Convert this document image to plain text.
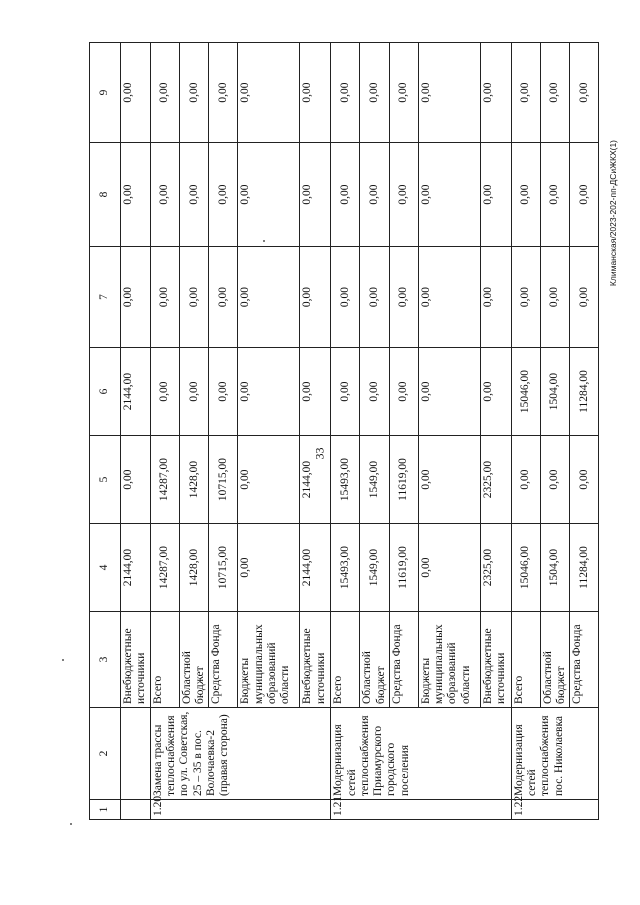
33
Климанская/2023-202-пп-ДСиЖКХ(1)
1	2	3	4	5	6	7	8	9
		Внебюджетные источники	2144,00	0,00	2144,00	0,00	0,00	0,00
1.20	Замена трассы теплоснабжения по ул. Советская, 25 – 35 в пос. Волочаевка-2 (правая сторона)	Всего	14287,00	14287,00	0,00	0,00	0,00	0,00
		Областной бюджет	1428,00	1428,00	0,00	0,00	0,00	0,00
		Средства Фонда	10715,00	10715,00	0,00	0,00	0,00	0,00
		Бюджеты муниципальных образований области	0,00	0,00	0,00	0,00	0,00	0,00
		Внебюджетные источники	2144,00	2144,00	0,00	0,00	0,00	0,00
1.21	Модернизация сетей теплоснабжения Приамурского городского поселения	Всего	15493,00	15493,00	0,00	0,00	0,00	0,00
		Областной бюджет	1549,00	1549,00	0,00	0,00	0,00	0,00
		Средства Фонда	11619,00	11619,00	0,00	0,00	0,00	0,00
		Бюджеты муниципальных образований области	0,00	0,00	0,00	0,00	0,00	0,00
		Внебюджетные источники	2325,00	2325,00	0,00	0,00	0,00	0,00
1.22	Модернизация сетей теплоснабжения пос. Николаевка	Всего	15046,00	0,00	15046,00	0,00	0,00	0,00
		Областной бюджет	1504,00	0,00	1504,00	0,00	0,00	0,00
		Средства Фонда	11284,00	0,00	11284,00	0,00	0,00	0,00
